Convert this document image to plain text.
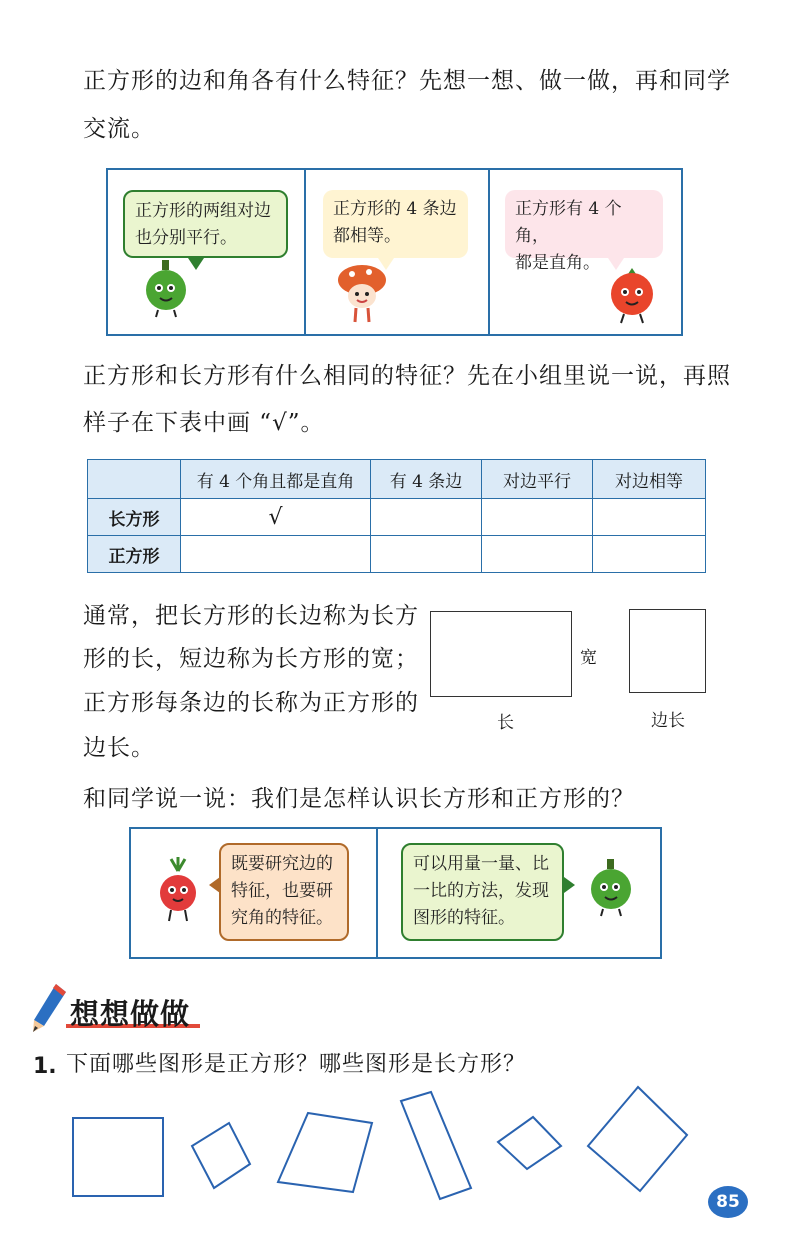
正方形的边和角各有什么特征？先想一想、做一做，再和同学
交流。
正方形的两组对边
也分别平行。
正方形的 4 条边
都相等。
正方形有 4 个角，
都是直角。
正方形和长方形有什么相同的特征？先在小组里说一说，再照
样子在下表中画 “√”。
	有 4 个角且都是直角	有 4 条边	对边平行	对边相等
长方形	√			
正方形				
通常，把长方形的长边称为长方
形的长，短边称为长方形的宽；
正方形每条边的长称为正方形的
边长。
宽
长	边长
和同学说一说：我们是怎样认识长方形和正方形的？
既要研究边的
特征，也要研
究角的特征。
可以用量一量、比
一比的方法，发现
图形的特征。
想想做做
1. 下面哪些图形是正方形？哪些图形是长方形？
85
